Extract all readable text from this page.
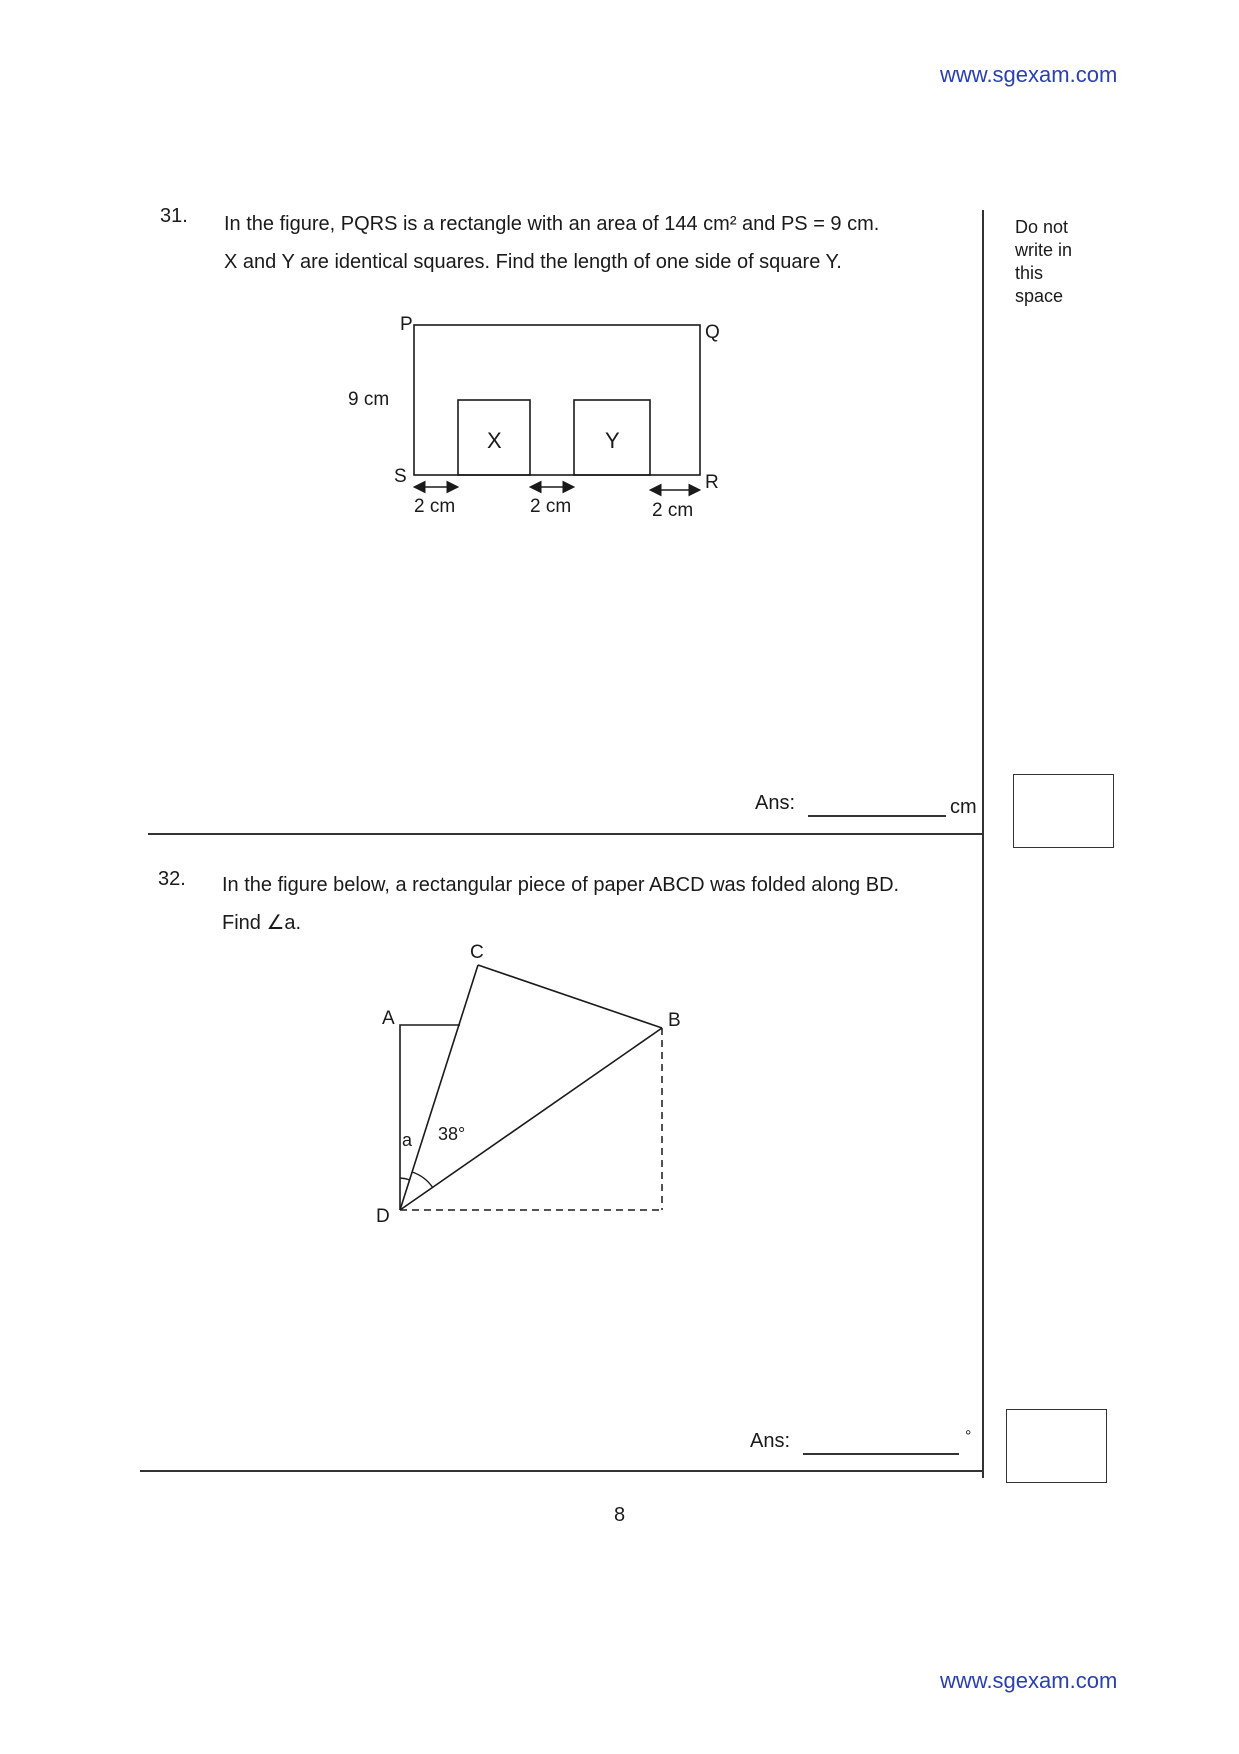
www.sgexam.com
Do not
write in
this
space
31. In the figure, PQRS is a rectangle with an area of 144 cm² and PS = 9 cm.
X and Y are identical squares. Find the length of one side of square Y.
P	Q
R
S
9 cm
X	Y
2 cm	2 cm	2 cm
Ans:	cm
32. In the figure below, a rectangular piece of paper ABCD was folded along BD.
Find ∠a.
A	B
C
D
a 38°
Ans:	°
8
www.sgexam.com
